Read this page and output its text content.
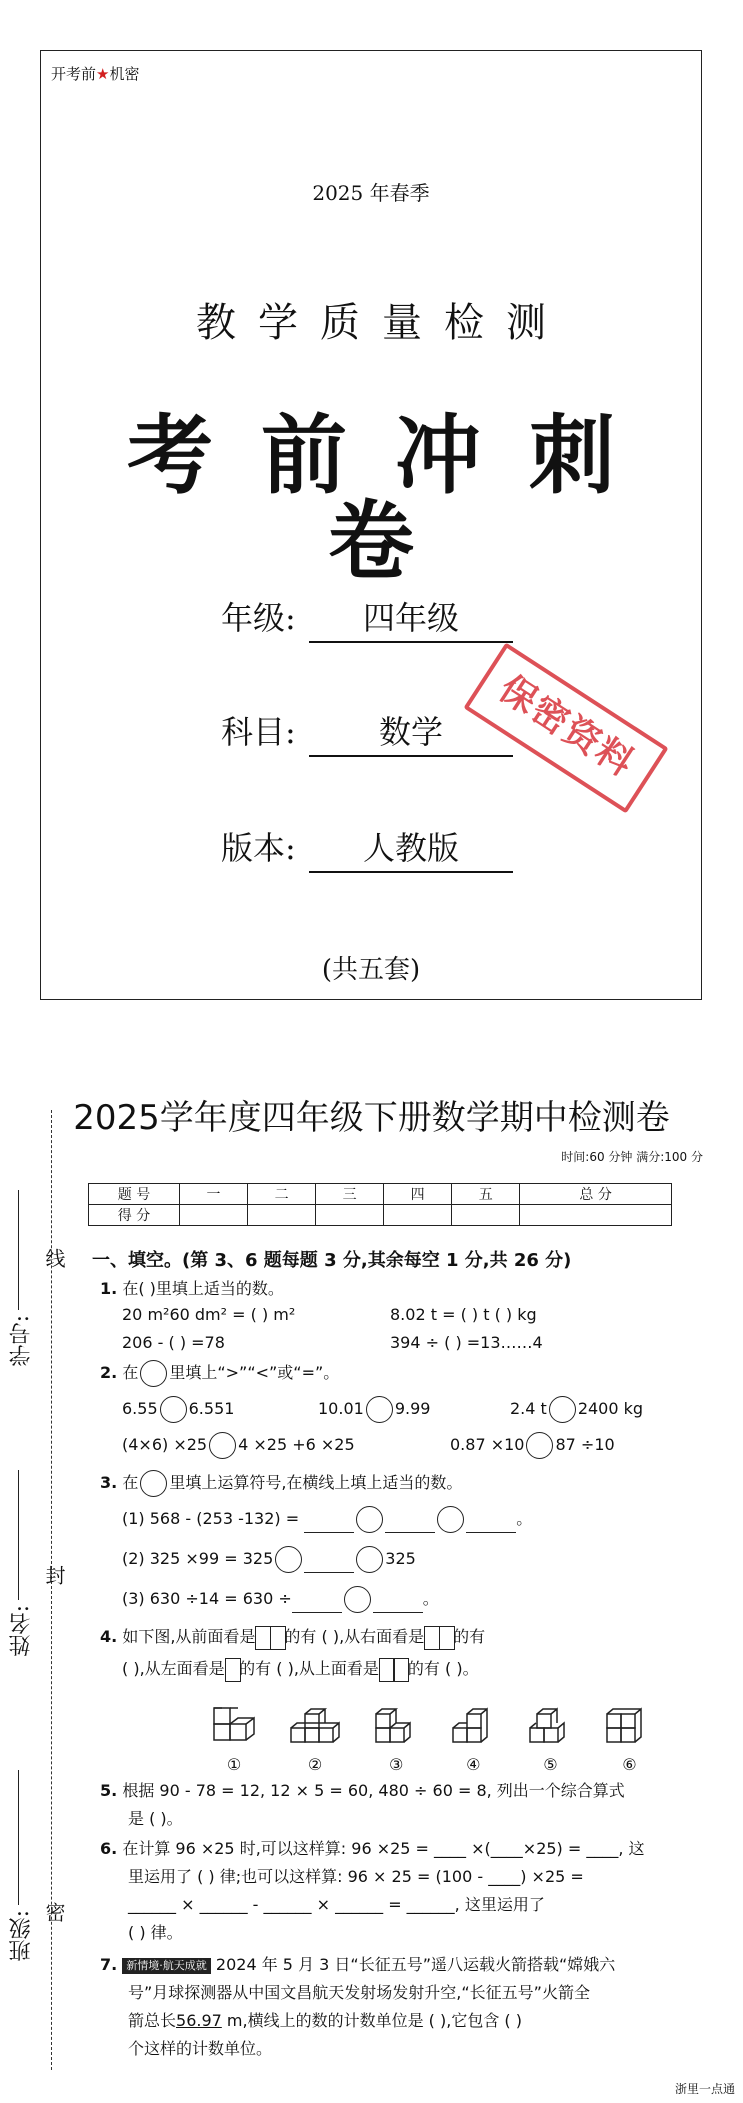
开考前★机密
2025 年春季
教学质量检测
考前冲刺卷
年级: 四年级
科目:	数学
版本: 人教版
(共五套)
保密资料
2025学年度四年级下册数学期中检测卷
时间:60 分钟 满分:100 分
题 号	一	二	三	四	五	总 分
得 分						
学号:
姓名:
班级:
线
封
密
一、填空。(第 3、6 题每题 3 分,其余每空 1 分,共 26 分)
1. 在( )里填上适当的数。
20 m²60 dm² = ( ) m²	8.02 t = ( ) t ( ) kg
206 - ( ) =78	394 ÷ ( ) =13……4
2. 在 里填上“>”“<”或“=”。
6.55 6.551	10.01 9.99	2.4 t 2400 kg
(4×6) ×25 4 ×25 +6 ×25	0.87 ×10 87 ÷10
3. 在 里填上运算符号,在横线上填上适当的数。
(1) 568 - (253 -132) =	。
(2) 325 ×99 = 325	325
(3) 630 ÷14 = 630 ÷	。
4. 如下图,从前面看是 的有 ( ),从右面看是 的有
( ),从左面看是 的有 ( ),从上面看是 的有 ( )。
①	②	③	④	⑤	⑥
5. 根据 90 - 78 = 12, 12 × 5 = 60, 480 ÷ 60 = 8, 列出一个综合算式
是 ( )。
6. 在计算 96 ×25 时,可以这样算: 96 ×25 = ____ ×(____×25) = ____, 这
里运用了 ( ) 律;也可以这样算: 96 × 25 = (100 - ____) ×25 =
______ × ______ - ______ × ______ = ______, 这里运用了
( ) 律。
7. 新情境·航天成就 2024 年 5 月 3 日“长征五号”遥八运载火箭搭载“嫦娥六
号”月球探测器从中国文昌航天发射场发射升空,“长征五号”火箭全
箭总长56.97 m,横线上的数的计数单位是 ( ),它包含 ( )
个这样的计数单位。
浙里一点通
